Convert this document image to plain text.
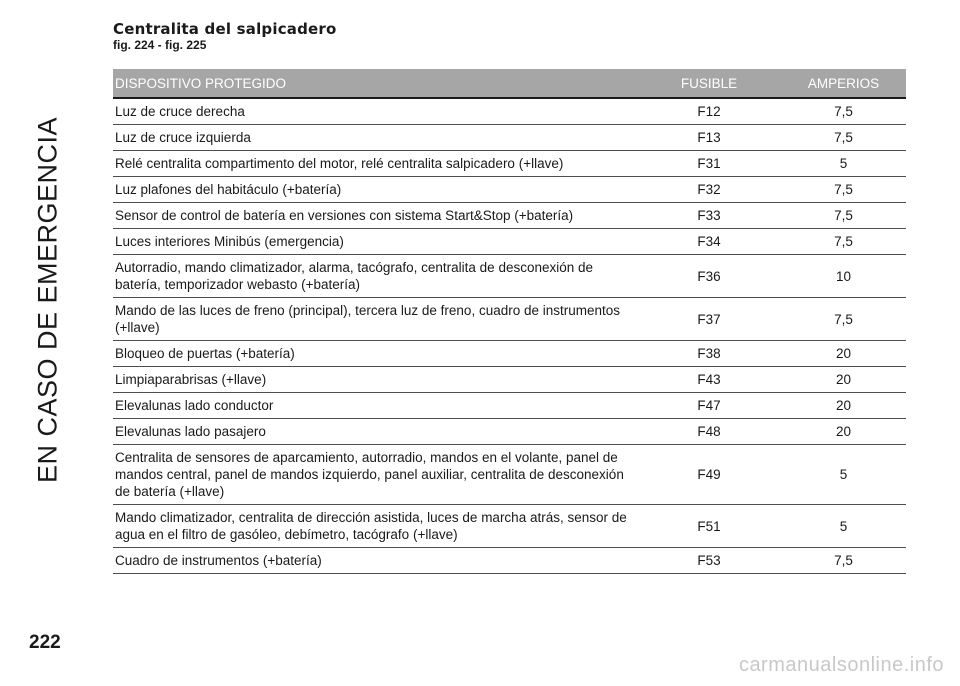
EN CASO DE EMERGENCIA
Centralita del salpicadero
fig. 224 - fig. 225
DISPOSITIVO PROTEGIDO	FUSIBLE	AMPERIOS
Luz de cruce derecha	F12	7,5
Luz de cruce izquierda	F13	7,5
Relé centralita compartimento del motor, relé centralita salpicadero (+llave)	F31	5
Luz plafones del habitáculo (+batería)	F32	7,5
Sensor de control de batería en versiones con sistema Start&Stop (+batería)	F33	7,5
Luces interiores Minibús (emergencia)	F34	7,5
Autorradio, mando climatizador, alarma, tacógrafo, centralita de desconexión de batería, temporizador webasto (+batería)	F36	10
Mando de las luces de freno (principal), tercera luz de freno, cuadro de instrumentos (+llave)	F37	7,5
Bloqueo de puertas (+batería)	F38	20
Limpiaparabrisas (+llave)	F43	20
Elevalunas lado conductor	F47	20
Elevalunas lado pasajero	F48	20
Centralita de sensores de aparcamiento, autorradio, mandos en el volante, panel de mandos central, panel de mandos izquierdo, panel auxiliar, centralita de desconexión de batería (+llave)	F49	5
Mando climatizador, centralita de dirección asistida, luces de marcha atrás, sensor de agua en el filtro de gasóleo, debímetro, tacógrafo (+llave)	F51	5
Cuadro de instrumentos (+batería)	F53	7,5
222
carmanualsonline.info
